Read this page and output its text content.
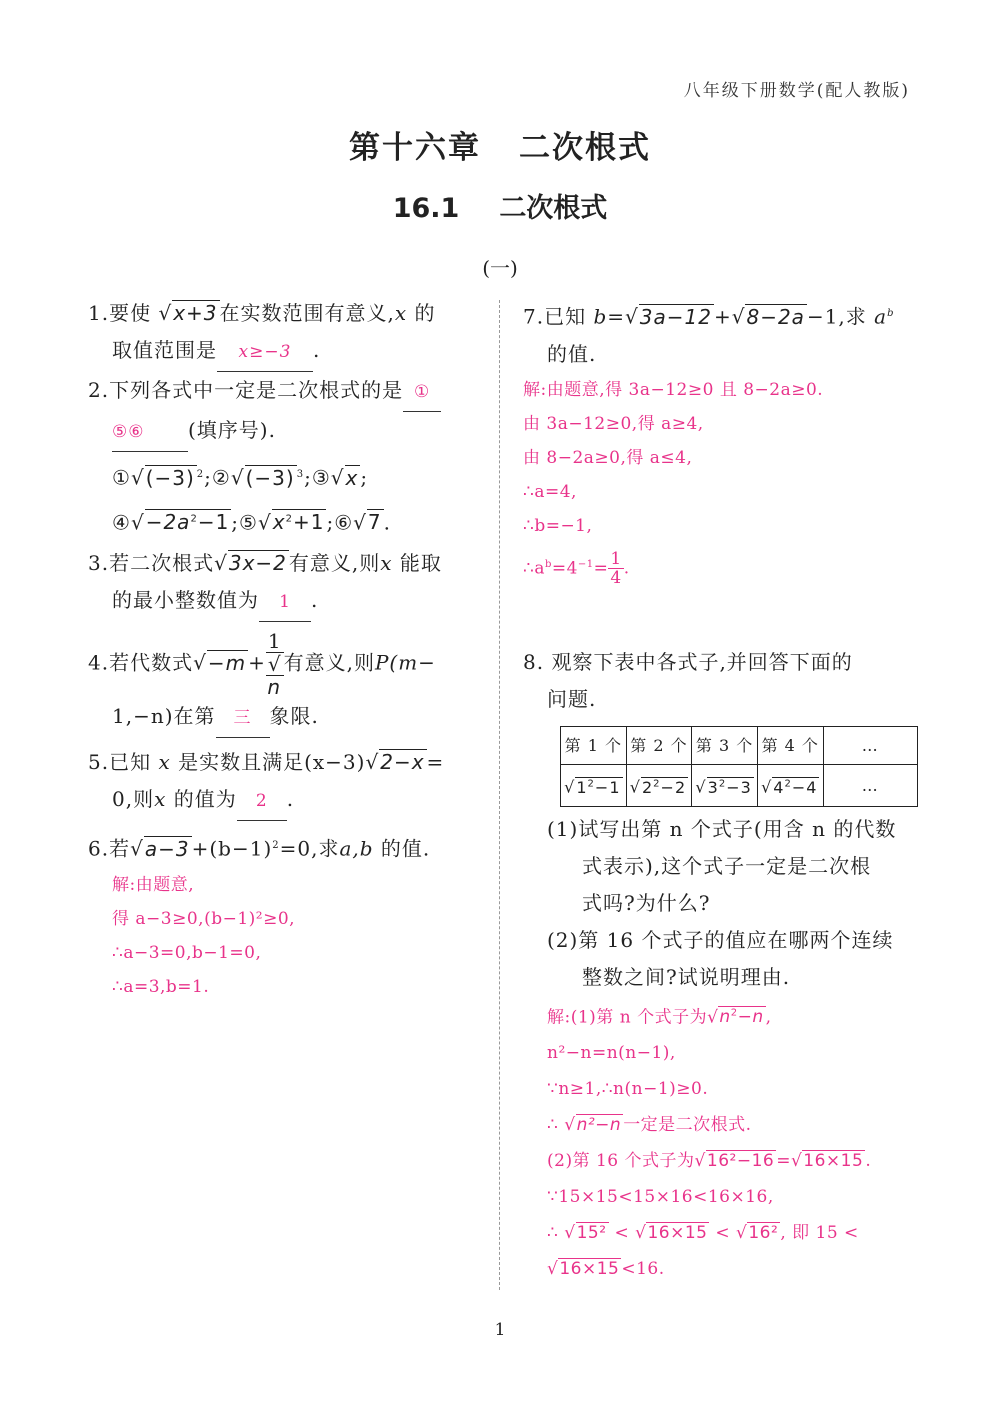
八年级下册数学(配人教版)
第十六章 二次根式
16.1 二次根式
(一)
1.要使 √x+3 在实数范围有意义,x 的
取值范围是 x≥−3 .
2.下列各式中一定是二次根式的是 ①
⑤⑥ (填序号).
①√(−3) $^2$;②√(−3) $^3$;③√x ;
$④√-2a^2-1$ $;⑤√x^2+1$ ;⑥√7 .
3.若二次根式√3x−2 有意义,则x 能取
的最小整数值为 1 .
4.若代数式√−m + 1
√
n 有意义,则P(m−
1,−n)在第 三 象限.
5.已知 x 是实数且满足(x−3)√2−x =
0,则x 的值为 2 .
6.若$√a-3 +(b-1)^2=0$,求a,b 的值.
解:由题意,
得 a−3≥0,(b−1)²≥0,
∴a−3=0,b−1=0,
∴a=3,b=1.
7.已知 b=√3a−12 +√8−2a −1,求 $a^b$
的值.
解:由题意,得 3a−12≥0 且 8−2a≥0.
由 3a−12≥0,得 a≥4,
由 8−2a≥0,得 a≤4,
∴a=4,
∴b=−1,
$\therefore a^b=4^{-1}= \frac{1}{4}$ .
8. 观察下表中各式子,并回答下面的
问题.
第 1 个	第 2 个	第 3 个	第 4 个	…
$√1^2-1$	$√2^2-2$	$√3^2-3$	$√4^2-4$	…
(1)试写出第 n 个式子(用含 n 的代数
式表示),这个式子一定是二次根
式吗?为什么?
(2)第 16 个式子的值应在哪两个连续
整数之间?试说明理由.
解:(1)第 n 个式子为$√n^2-n$ ,
n²−n=n(n−1),
∵n≥1,∴n(n−1)≥0.
∴ √n²−n 一定是二次根式.
(2)第 16 个式子为√16²−16 =√16×15 .
∵15×15<15×16<16×16,
∴ √15² < √16×15 < √16² , 即 15 <
√16×15 <16.
1
